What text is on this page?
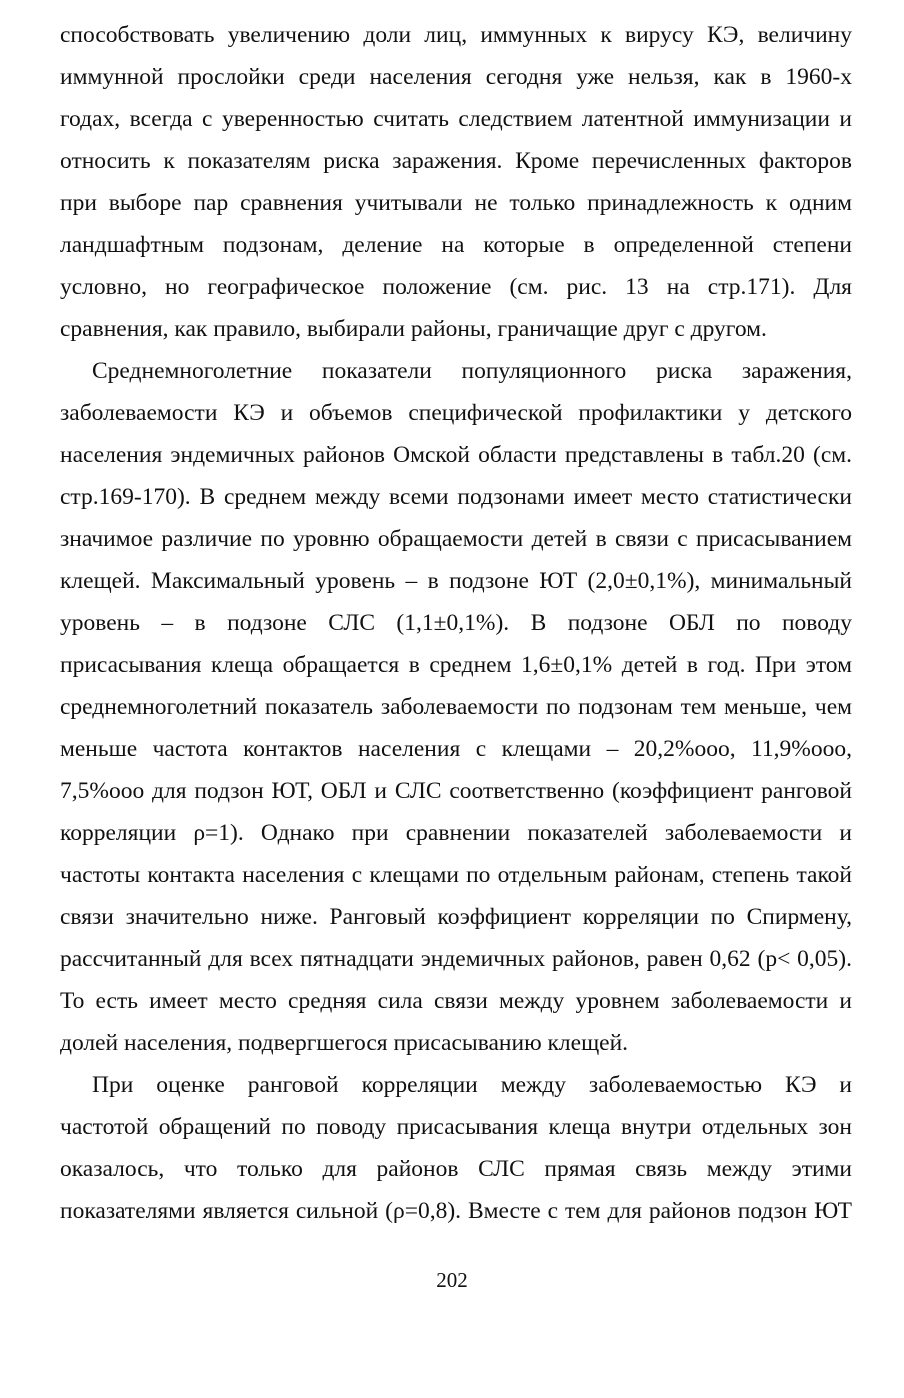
способствовать увеличению доли лиц, иммунных к вирусу КЭ, величину
иммунной прослойки среди населения сегодня уже нельзя, как в 1960-х
годах, всегда с уверенностью считать следствием латентной иммунизации и
относить к показателям риска заражения. Кроме перечисленных факторов
при выборе пар сравнения учитывали не только принадлежность к одним
ландшафтным подзонам, деление на которые в определенной степени
условно, но географическое положение (см. рис. 13 на стр.171). Для
сравнения, как правило, выбирали районы, граничащие друг с другом.
Среднемноголетние показатели популяционного риска заражения,
заболеваемости КЭ и объемов специфической профилактики у детского
населения эндемичных районов Омской области представлены в табл.20 (см.
стр.169-170). В среднем между всеми подзонами имеет место статистически
значимое различие по уровню обращаемости детей в связи с присасыванием
клещей. Максимальный уровень – в подзоне ЮТ (2,0±0,1%), минимальный
уровень – в подзоне СЛС (1,1±0,1%). В подзоне ОБЛ по поводу
присасывания клеща обращается в среднем 1,6±0,1% детей в год. При этом
среднемноголетний показатель заболеваемости по подзонам тем меньше, чем
меньше частота контактов населения с клещами – 20,2%ooo, 11,9%ooo,
7,5%ooo для подзон ЮТ, ОБЛ и СЛС соответственно (коэффициент ранговой
корреляции ρ=1). Однако при сравнении показателей заболеваемости и
частоты контакта населения с клещами по отдельным районам, степень такой
связи значительно ниже. Ранговый коэффициент корреляции по Спирмену,
рассчитанный для всех пятнадцати эндемичных районов, равен 0,62 (р< 0,05).
То есть имеет место средняя сила связи между уровнем заболеваемости и
долей населения, подвергшегося присасыванию клещей.
При оценке ранговой корреляции между заболеваемостью КЭ и
частотой обращений по поводу присасывания клеща внутри отдельных зон
оказалось, что только для районов СЛС прямая связь между этими
показателями является сильной (ρ=0,8). Вместе с тем для районов подзон ЮТ
202
